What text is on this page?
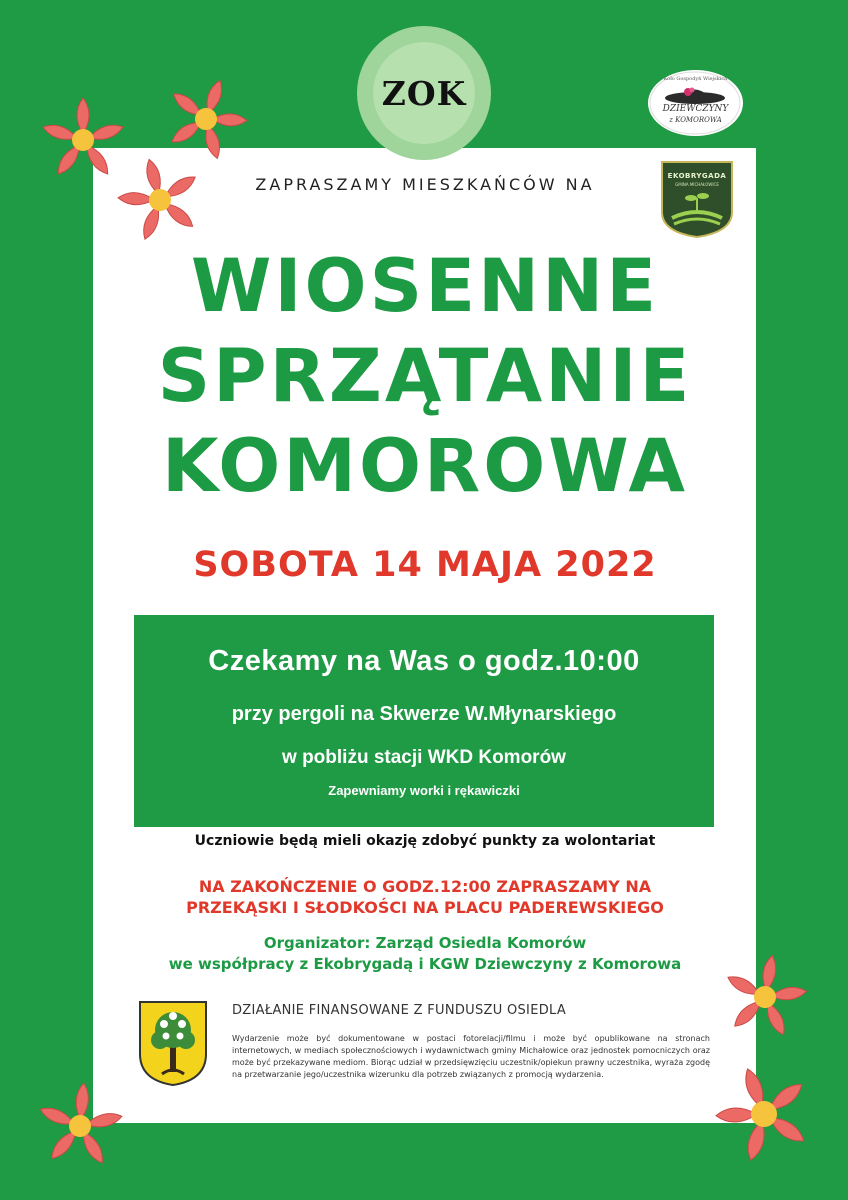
ZOK	Koło Gospodyń Wiejskich
DZIEWCZYNY
z KOMOROWA
EKOBRYGADA
GMINA MICHAŁOWICE
ZAPRASZAMY MIESZKAŃCÓW NA
WIOSENNE
SPRZĄTANIE
KOMOROWA
SOBOTA 14 MAJA 2022
Czekamy na Was o godz.10:00
przy pergoli na Skwerze W.Młynarskiego
w pobliżu stacji WKD Komorów
Zapewniamy worki i rękawiczki
Uczniowie będą mieli okazję zdobyć punkty za wolontariat
NA ZAKOŃCZENIE O GODZ.12:00 ZAPRASZAMY NA
PRZEKĄSKI I SŁODKOŚCI NA PLACU PADEREWSKIEGO
Organizator: Zarząd Osiedla Komorów
we współpracy z Ekobrygadą i KGW Dziewczyny z Komorowa
DZIAŁANIE FINANSOWANE Z FUNDUSZU OSIEDLA
Wydarzenie może być dokumentowane w postaci fotorelacji/filmu i może być opublikowane na stronach internetowych, w mediach społecznościowych i wydawnictwach gminy Michałowice oraz jednostek pomocniczych oraz może być przekazywane mediom. Biorąc udział w przedsięwzięciu uczestnik/opiekun prawny uczestnika, wyraża zgodę na przetwarzanie jego/uczestnika wizerunku dla potrzeb związanych z promocją wydarzenia.
